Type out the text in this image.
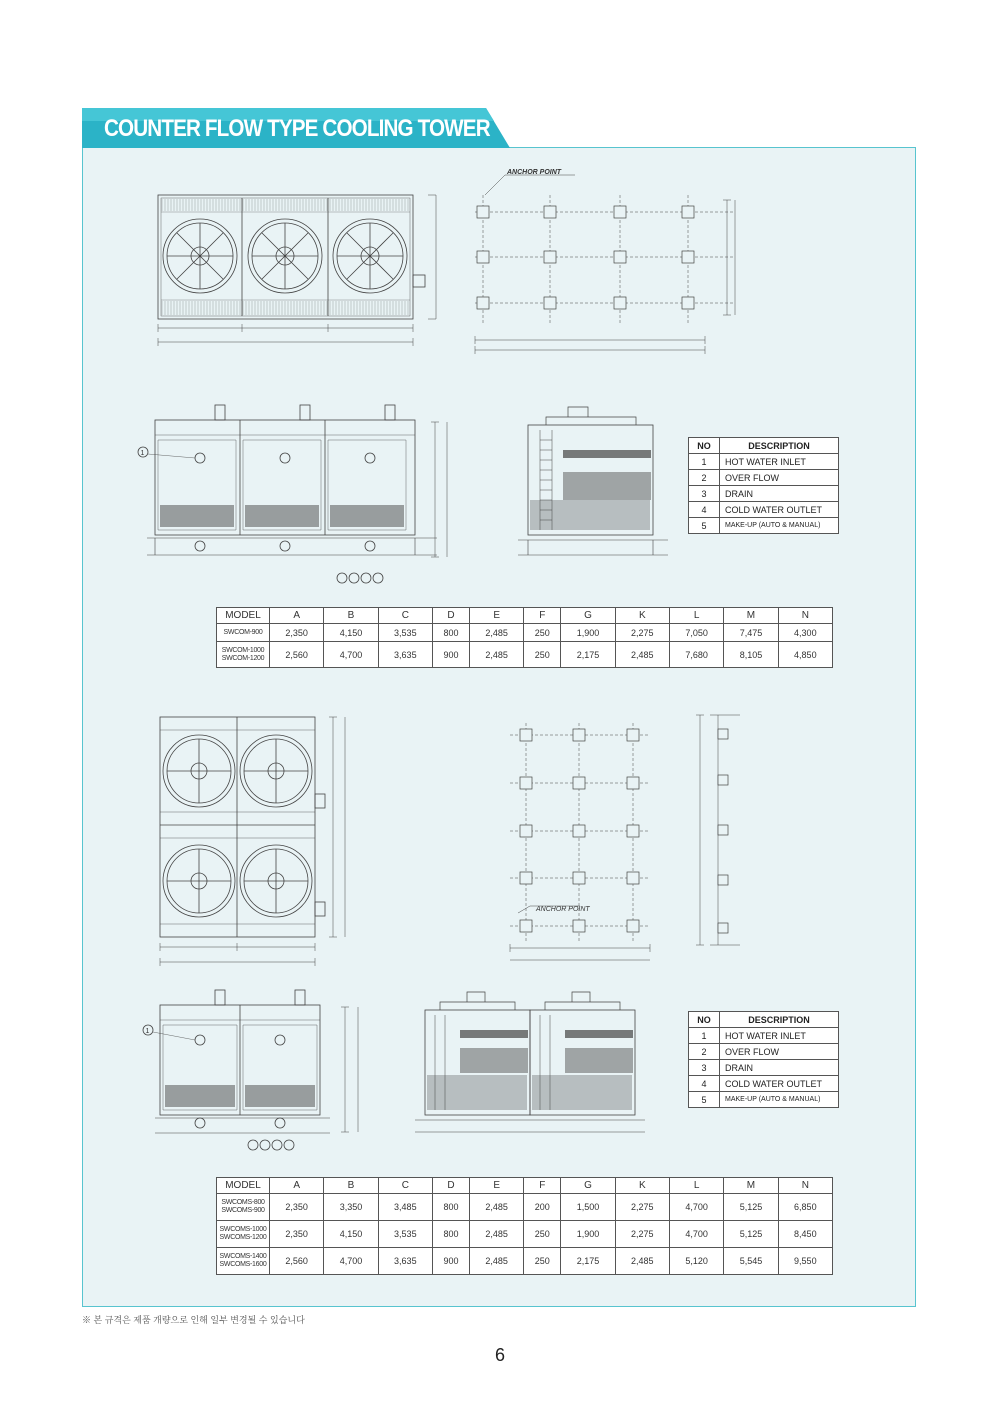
COUNTER FLOW TYPE COOLING TOWER
ANCHOR POINT
1
NO	DESCRIPTION
1	HOT WATER INLET
2	OVER FLOW
3	DRAIN
4	COLD WATER OUTLET
5	MAKE-UP (AUTO & MANUAL)
MODEL	A	B	C	D	E	F	G	K	L	M	N
SWCOM-900	2,350	4,150	3,535	800	2,485	250	1,900	2,275	7,050	7,475	4,300
SWCOM-1000
SWCOM-1200	2,560	4,700	3,635	900	2,485	250	2,175	2,485	7,680	8,105	4,850
ANCHOR POINT
1
NO	DESCRIPTION
1	HOT WATER INLET
2	OVER FLOW
3	DRAIN
4	COLD WATER OUTLET
5	MAKE-UP (AUTO & MANUAL)
MODEL	A	B	C	D	E	F	G	K	L	M	N
SWCOMS-800
SWCOMS-900	2,350	3,350	3,485	800	2,485	200	1,500	2,275	4,700	5,125	6,850
SWCOMS-1000
SWCOMS-1200	2,350	4,150	3,535	800	2,485	250	1,900	2,275	4,700	5,125	8,450
SWCOMS-1400
SWCOMS-1600	2,560	4,700	3,635	900	2,485	250	2,175	2,485	5,120	5,545	9,550
※ 본 규격은 제품 개량으로 인해 일부 변경될 수 있습니다
6
